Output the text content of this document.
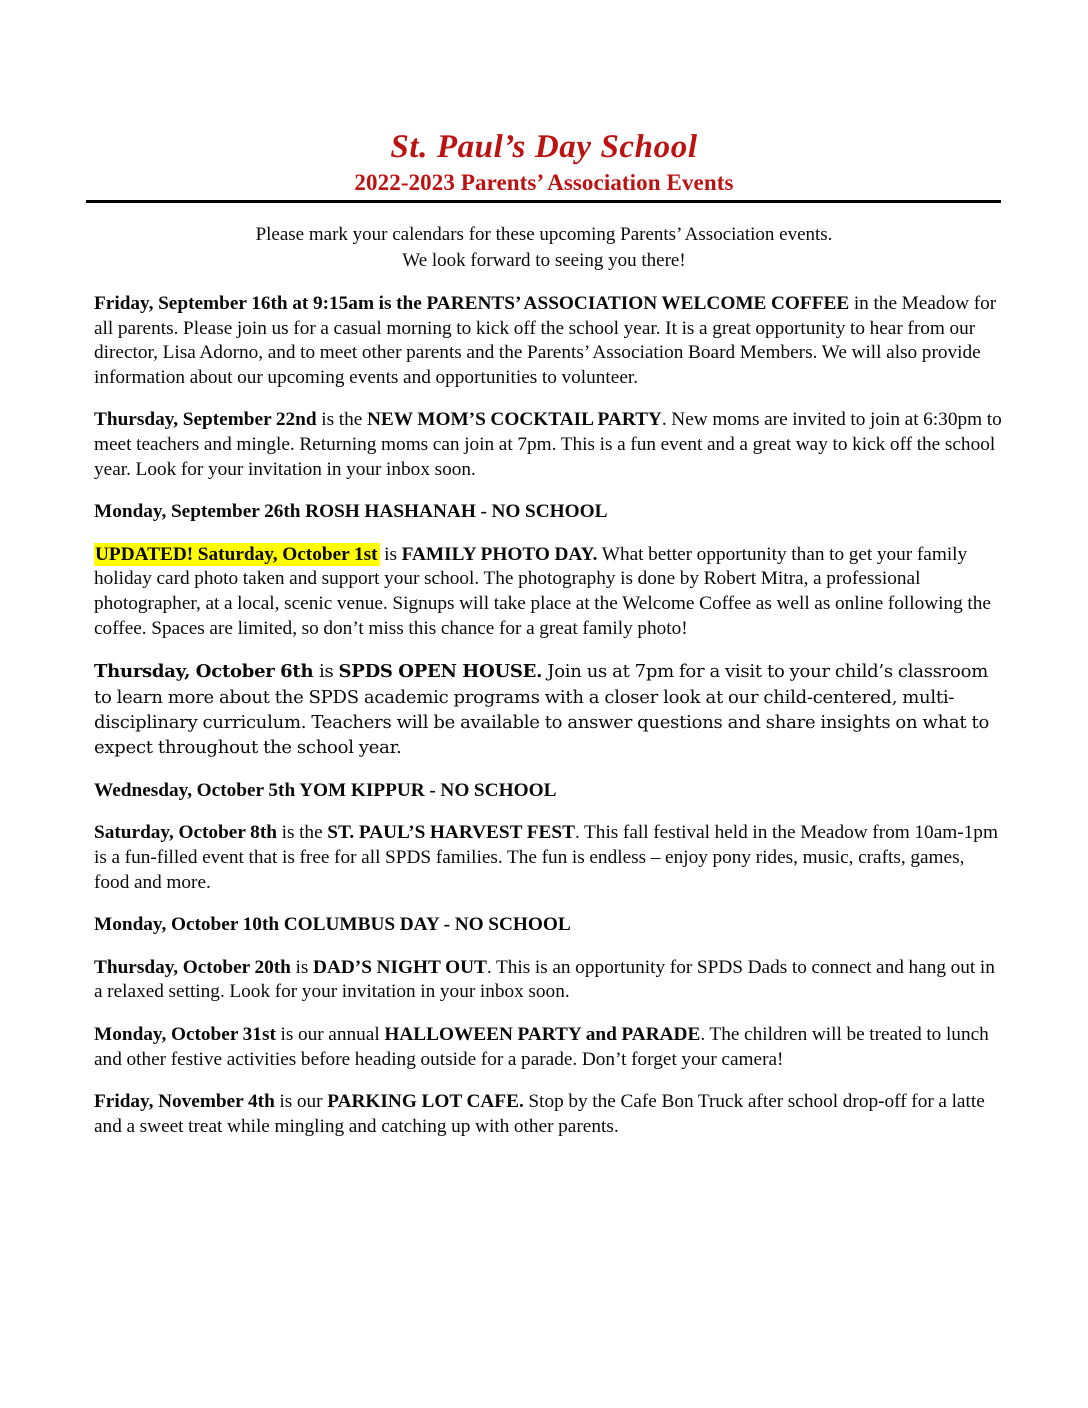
St. Paul’s Day School
2022-2023 Parents’ Association Events
Please mark your calendars for these upcoming Parents’ Association events.
We look forward to seeing you there!

Friday, September 16th at 9:15am is the PARENTS’ ASSOCIATION WELCOME COFFEE in the Meadow for all parents. Please join us for a casual morning to kick off the school year. It is a great opportunity to hear from our director, Lisa Adorno, and to meet other parents and the Parents’ Association Board Members. We will also provide information about our upcoming events and opportunities to volunteer.

Thursday, September 22nd is the NEW MOM’S COCKTAIL PARTY. New moms are invited to join at 6:30pm to meet teachers and mingle. Returning moms can join at 7pm. This is a fun event and a great way to kick off the school year. Look for your invitation in your inbox soon.

Monday, September 26th ROSH HASHANAH - NO SCHOOL

UPDATED! Saturday, October 1st is FAMILY PHOTO DAY. What better opportunity than to get your family holiday card photo taken and support your school. The photography is done by Robert Mitra, a professional photographer, at a local, scenic venue. Signups will take place at the Welcome Coffee as well as online following the coffee. Spaces are limited, so don’t miss this chance for a great family photo!

Thursday, October 6th is SPDS OPEN HOUSE. Join us at 7pm for a visit to your child’s classroom to learn more about the SPDS academic programs with a closer look at our child-centered, multi-disciplinary curriculum. Teachers will be available to answer questions and share insights on what to expect throughout the school year.

Wednesday, October 5th YOM KIPPUR - NO SCHOOL

Saturday, October 8th is the ST. PAUL’S HARVEST FEST. This fall festival held in the Meadow from 10am-1pm is a fun-filled event that is free for all SPDS families. The fun is endless – enjoy pony rides, music, crafts, games, food and more.

Monday, October 10th COLUMBUS DAY - NO SCHOOL

Thursday, October 20th is DAD’S NIGHT OUT. This is an opportunity for SPDS Dads to connect and hang out in a relaxed setting. Look for your invitation in your inbox soon.

Monday, October 31st is our annual HALLOWEEN PARTY and PARADE. The children will be treated to lunch and other festive activities before heading outside for a parade. Don’t forget your camera!

Friday, November 4th is our PARKING LOT CAFE. Stop by the Cafe Bon Truck after school drop-off for a latte and a sweet treat while mingling and catching up with other parents.
